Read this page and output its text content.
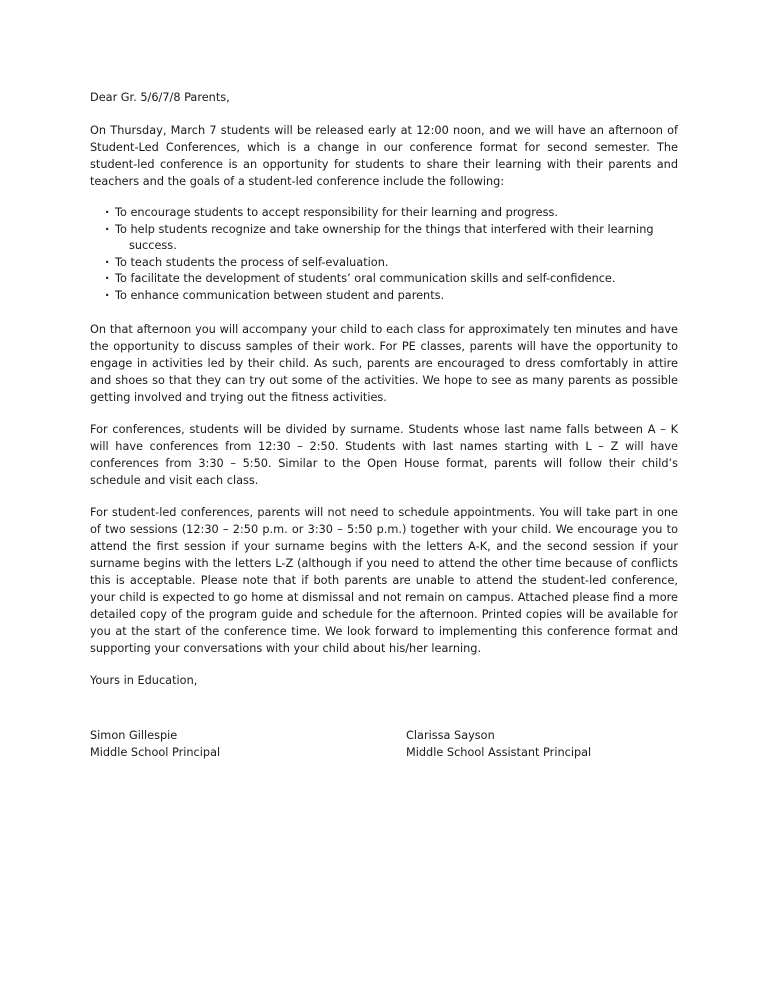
Dear Gr. 5/6/7/8 Parents,

On Thursday, March 7 students will be released early at 12:00 noon, and we will have an afternoon of Student-Led Conferences, which is a change in our conference format for second semester. The student-led conference is an opportunity for students to share their learning with their parents and teachers and the goals of a student-led conference include the following:

· To encourage students to accept responsibility for their learning and progress.
· To help students recognize and take ownership for the things that interfered with their learning
success.
· To teach students the process of self-evaluation.
· To facilitate the development of students’ oral communication skills and self-confidence.
· To enhance communication between student and parents.

On that afternoon you will accompany your child to each class for approximately ten minutes and have the opportunity to discuss samples of their work. For PE classes, parents will have the opportunity to engage in activities led by their child. As such, parents are encouraged to dress comfortably in attire and shoes so that they can try out some of the activities. We hope to see as many parents as possible getting involved and trying out the fitness activities.

For conferences, students will be divided by surname. Students whose last name falls between A – K will have conferences from 12:30 – 2:50. Students with last names starting with L – Z will have conferences from 3:30 – 5:50. Similar to the Open House format, parents will follow their child’s schedule and visit each class.

For student-led conferences, parents will not need to schedule appointments. You will take part in one of two sessions (12:30 – 2:50 p.m. or 3:30 – 5:50 p.m.) together with your child. We encourage you to attend the first session if your surname begins with the letters A-K, and the second session if your surname begins with the letters L-Z (although if you need to attend the other time because of conflicts this is acceptable. Please note that if both parents are unable to attend the student-led conference, your child is expected to go home at dismissal and not remain on campus. Attached please find a more detailed copy of the program guide and schedule for the afternoon. Printed copies will be available for you at the start of the conference time. We look forward to implementing this conference format and supporting your conversations with your child about his/her learning.

Yours in Education,

Simon Gillespie
Middle School Principal
Clarissa Sayson
Middle School Assistant Principal
